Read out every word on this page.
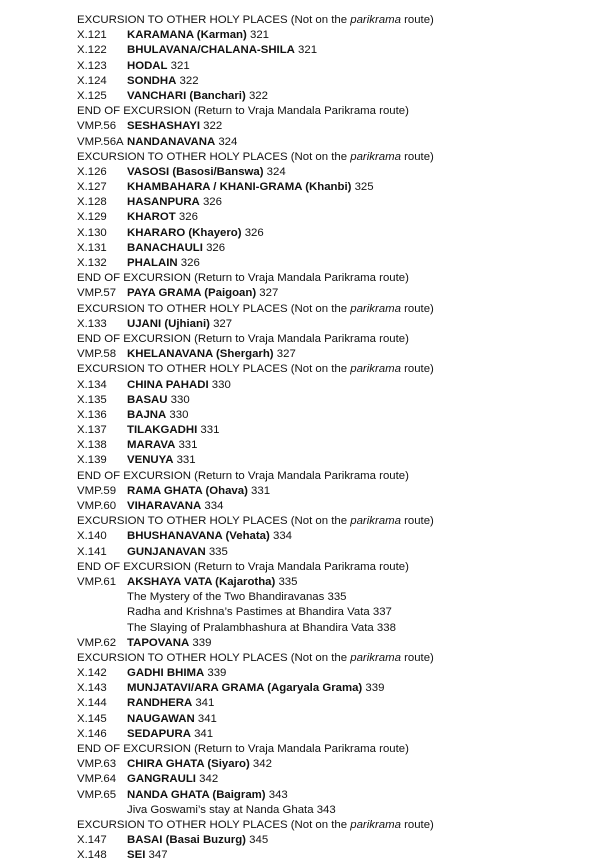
EXCURSION TO OTHER HOLY PLACES (Not on the parikrama route)
X.121 KARAMANA (Karman) 321
X.122 BHULAVANA/CHALANA-SHILA 321
X.123 HODAL 321
X.124 SONDHA 322
X.125 VANCHARI (Banchari) 322
END OF EXCURSION (Return to Vraja Mandala Parikrama route)
VMP.56 SESHASHAYI 322
VMP.56A NANDANAVANA 324
EXCURSION TO OTHER HOLY PLACES (Not on the parikrama route)
X.126 VASOSI (Basosi/Banswa) 324
X.127 KHAMBAHARA / KHANI-GRAMA (Khanbi) 325
X.128 HASANPURA 326
X.129 KHAROT 326
X.130 KHARARO (Khayero) 326
X.131 BANACHAULI 326
X.132 PHALAIN 326
END OF EXCURSION (Return to Vraja Mandala Parikrama route)
VMP.57 PAYA GRAMA (Paigoan) 327
EXCURSION TO OTHER HOLY PLACES (Not on the parikrama route)
X.133 UJANI (Ujhiani) 327
END OF EXCURSION (Return to Vraja Mandala Parikrama route)
VMP.58 KHELANAVANA (Shergarh) 327
EXCURSION TO OTHER HOLY PLACES (Not on the parikrama route)
X.134 CHINA PAHADI 330
X.135 BASAU 330
X.136 BAJNA 330
X.137 TILAKGADHI 331
X.138 MARAVA 331
X.139 VENUYA 331
END OF EXCURSION (Return to Vraja Mandala Parikrama route)
VMP.59 RAMA GHATA (Ohava) 331
VMP.60 VIHARAVANA 334
EXCURSION TO OTHER HOLY PLACES (Not on the parikrama route)
X.140 BHUSHANAVANA (Vehata) 334
X.141 GUNJANAVAN 335
END OF EXCURSION (Return to Vraja Mandala Parikrama route)
VMP.61 AKSHAYA VATA (Kajarotha) 335
The Mystery of the Two Bhandiravanas 335
Radha and Krishna’s Pastimes at Bhandira Vata 337
The Slaying of Pralambhashura at Bhandira Vata 338
VMP.62 TAPOVANA 339
EXCURSION TO OTHER HOLY PLACES (Not on the parikrama route)
X.142 GADHI BHIMA 339
X.143 MUNJATAVI/ARA GRAMA (Agaryala Grama) 339
X.144 RANDHERA 341
X.145 NAUGAWAN 341
X.146 SEDAPURA 341
END OF EXCURSION (Return to Vraja Mandala Parikrama route)
VMP.63 CHIRA GHATA (Siyaro) 342
VMP.64 GANGRAULI 342
VMP.65 NANDA GHATA (Baigram) 343
Jiva Goswami’s stay at Nanda Ghata 343
EXCURSION TO OTHER HOLY PLACES (Not on the parikrama route)
X.147 BASAI (Basai Buzurg) 345
X.148 SEI 347
